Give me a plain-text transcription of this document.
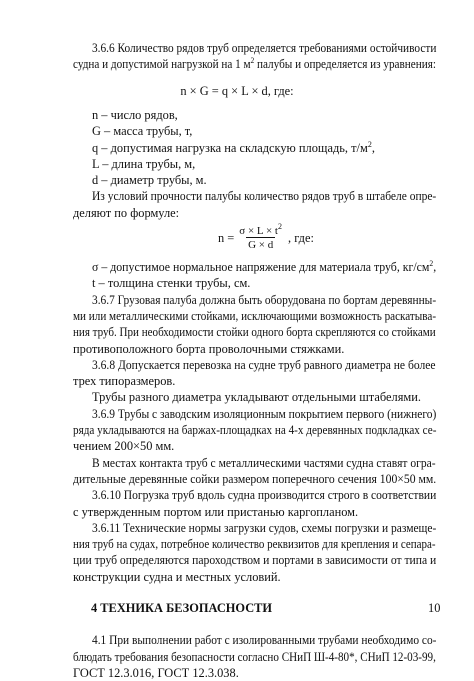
3.6.6 Количество рядов труб определяется требованиями остойчивости
судна и допустимой нагрузкой на 1 $м^2$ палубы и определяется из уравнения:
n × G = q × L × d, где:
n – число рядов,
G – масса трубы, т,
q – допустимая нагрузка на складскую площадь, $т/м^2$,
L – длина трубы, м,
d – диаметр трубы, м.
Из условий прочности палубы количество рядов труб в штабеле опре-
деляют по формуле:
$n = \frac{\sigma \times L \times t^2}{G \times d}$ , где:
σ – допустимое нормальное напряжение для материала труб, $кг/см^2$,
t – толщина стенки трубы, см.
3.6.7 Грузовая палуба должна быть оборудована по бортам деревянны-
ми или металлическими стойками, исключающими возможность раскатыва-
ния труб. При необходимости стойки одного борта скрепляются со стойками
противоположного борта проволочными стяжками.
3.6.8 Допускается перевозка на судне труб равного диаметра не более
трех типоразмеров.
Трубы разного диаметра укладывают отдельными штабелями.
3.6.9 Трубы с заводским изоляционным покрытием первого (нижнего)
ряда укладываются на баржах-площадках на 4-х деревянных подкладках се-
чением 200×50 мм.
В местах контакта труб с металлическими частями судна ставят огра-
дительные деревянные сойки размером поперечного сечения 100×50 мм.
3.6.10 Погрузка труб вдоль судна производится строго в соответствии
с утвержденным портом или пристанью каргопланом.
3.6.11 Технические нормы загрузки судов, схемы погрузки и размеще-
ния труб на судах, потребное количество реквизитов для крепления и сепара-
ции труб определяются пароходством и портами в зависимости от типа и
конструкции судна и местных условий.
4 ТЕХНИКА БЕЗОПАСНОСТИ
4.1 При выполнении работ с изолированными трубами необходимо со-
блюдать требования безопасности согласно СНиП Ш-4-80*, СНиП 12-03-99,
ГОСТ 12.3.016, ГОСТ 12.3.038.
10
